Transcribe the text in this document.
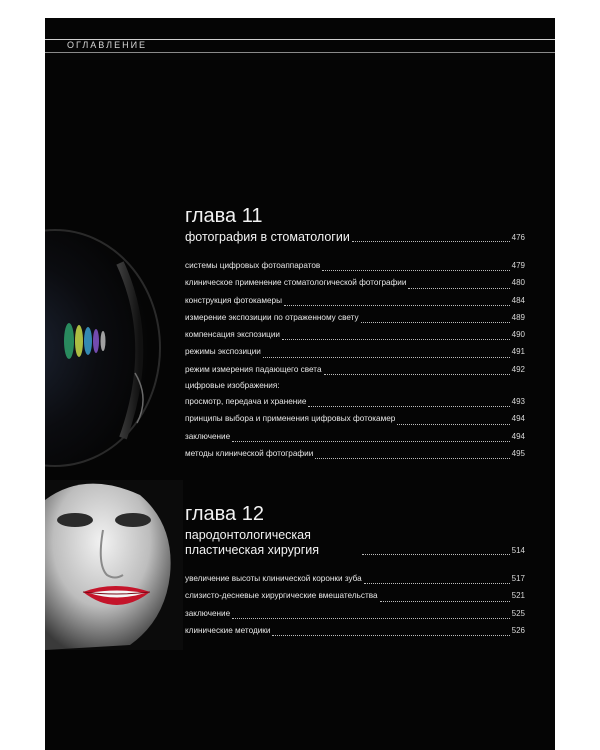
ОГЛАВЛЕНИЕ
глава 11
фотография в стоматологии	476
системы цифровых фотоаппаратов	479
клиническое применение стоматологической фотографии	480
конструкция фотокамеры	484
измерение экспозиции по отраженному свету	489
компенсация экспозиции	490
режимы экспозиции	491
режим измерения падающего света	492
цифровые изображения:
просмотр, передача и хранение	493
принципы выбора и применения цифровых фотокамер	494
заключение	494
методы клинической фотографии	495
глава 12
пародонтологическая пластическая хирургия	514
увеличение высоты клинической коронки зуба	517
слизисто-десневые хирургические вмешательства	521
заключение	525
клинические методики	526
